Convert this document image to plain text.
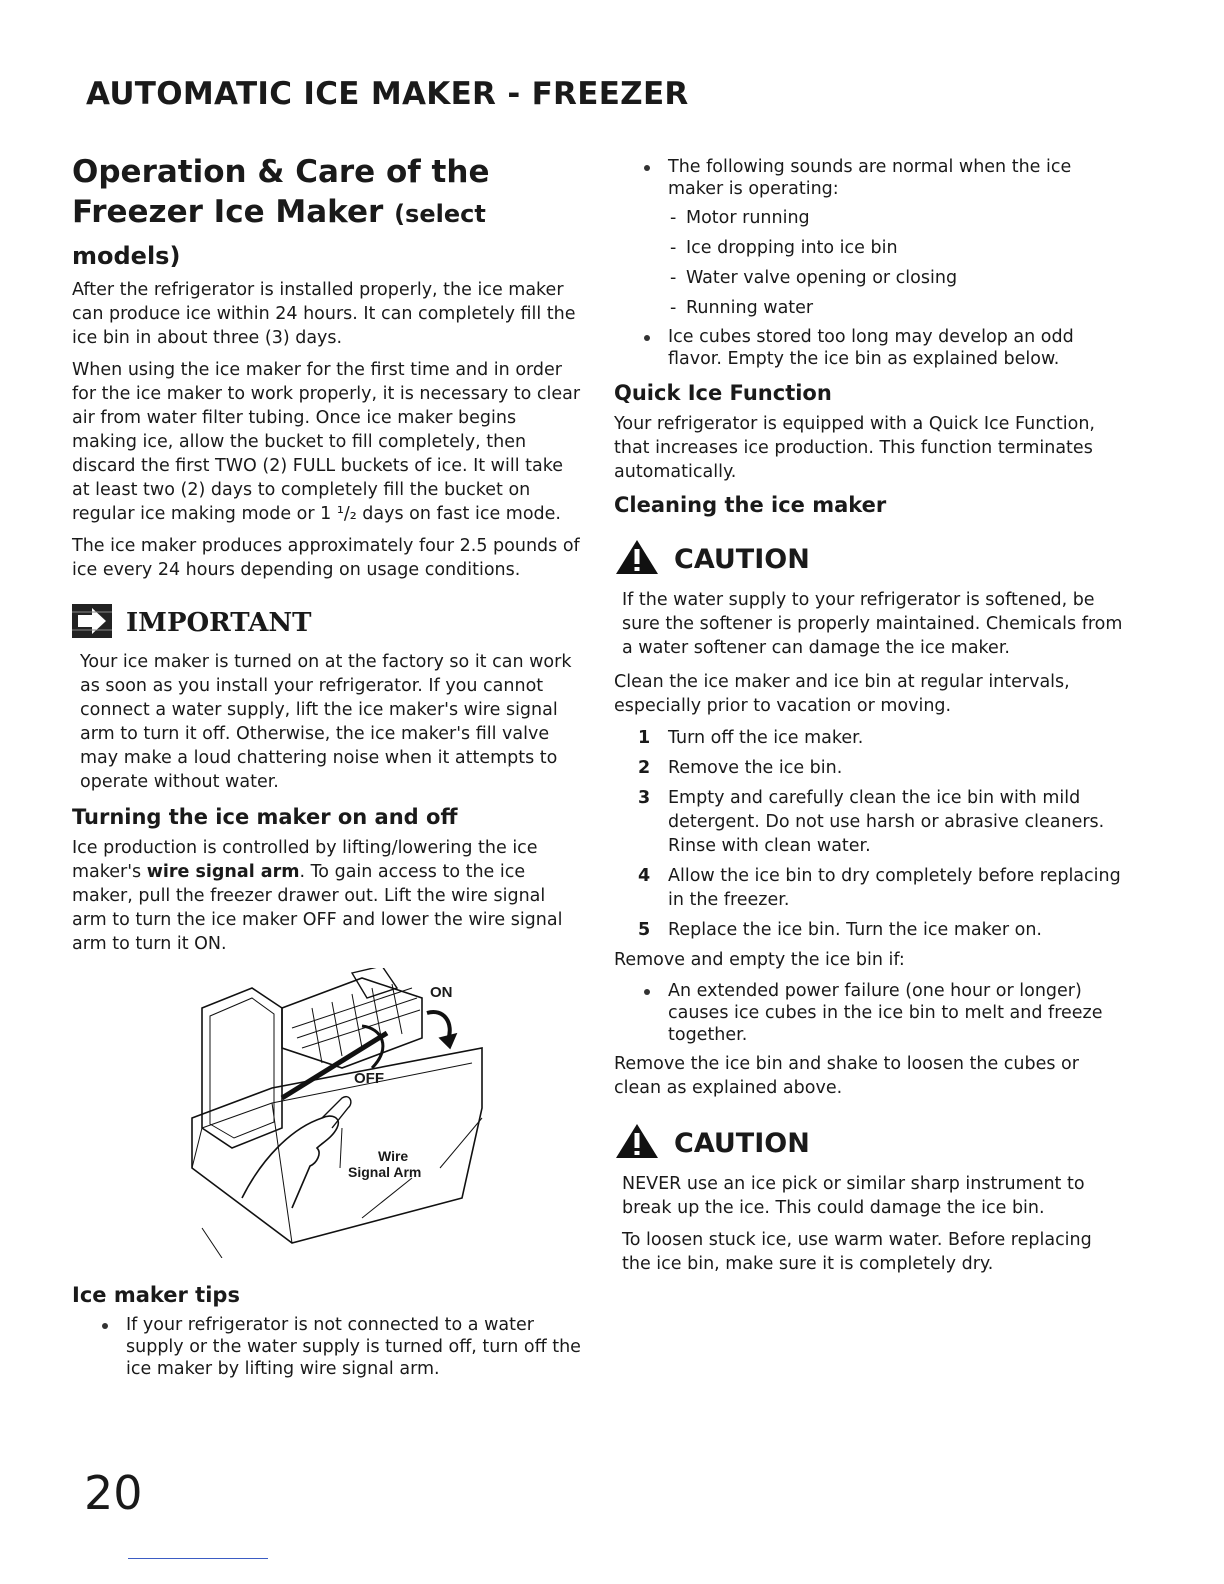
AUTOMATIC ICE MAKER - FREEZER
Operation & Care of the Freezer Ice Maker (select models)

After the refrigerator is installed properly, the ice maker can produce ice within 24 hours. It can completely fill the ice bin in about three (3) days.

When using the ice maker for the first time and in order for the ice maker to work properly, it is necessary to clear air from water filter tubing. Once ice maker begins making ice, allow the bucket to fill completely, then discard the first TWO (2) FULL buckets of ice. It will take at least two (2) days to completely fill the bucket on regular ice making mode or 1 ¹/₂ days on fast ice mode.

The ice maker produces approximately four 2.5 pounds of ice every 24 hours depending on usage conditions.

IMPORTANT

Your ice maker is turned on at the factory so it can work as soon as you install your refrigerator. If you cannot connect a water supply, lift the ice maker's wire signal arm to turn it off. Otherwise, the ice maker's fill valve may make a loud chattering noise when it attempts to operate without water.

Turning the ice maker on and off

Ice production is controlled by lifting/lowering the ice maker's wire signal arm. To gain access to the ice maker, pull the freezer drawer out. Lift the wire signal arm to turn the ice maker OFF and lower the wire signal arm to turn it ON.

ON
OFF
Wire
Signal Arm
Ice maker tips
If your refrigerator is not connected to a water supply or the water supply is turned off, turn off the ice maker by lifting wire signal arm.
The following sounds are normal when the ice maker is operating:
- Motor running
- Ice dropping into ice bin
- Water valve opening or closing
- Running water
Ice cubes stored too long may develop an odd flavor. Empty the ice bin as explained below.
Quick Ice Function

Your refrigerator is equipped with a Quick Ice Function, that increases ice production. This function terminates automatically.

Cleaning the ice maker
CAUTION

If the water supply to your refrigerator is softened, be sure the softener is properly maintained. Chemicals from a water softener can damage the ice maker.

Clean the ice maker and ice bin at regular intervals, especially prior to vacation or moving.

1 Turn off the ice maker.
2 Remove the ice bin.
3 Empty and carefully clean the ice bin with mild detergent. Do not use harsh or abrasive cleaners. Rinse with clean water.
4 Allow the ice bin to dry completely before replacing in the freezer.
5 Replace the ice bin. Turn the ice maker on.

Remove and empty the ice bin if:

An extended power failure (one hour or longer) causes ice cubes in the ice bin to melt and freeze together.

Remove the ice bin and shake to loosen the cubes or clean as explained above.

CAUTION

NEVER use an ice pick or similar sharp instrument to break up the ice. This could damage the ice bin.

To loosen stuck ice, use warm water. Before replacing the ice bin, make sure it is completely dry.

20
